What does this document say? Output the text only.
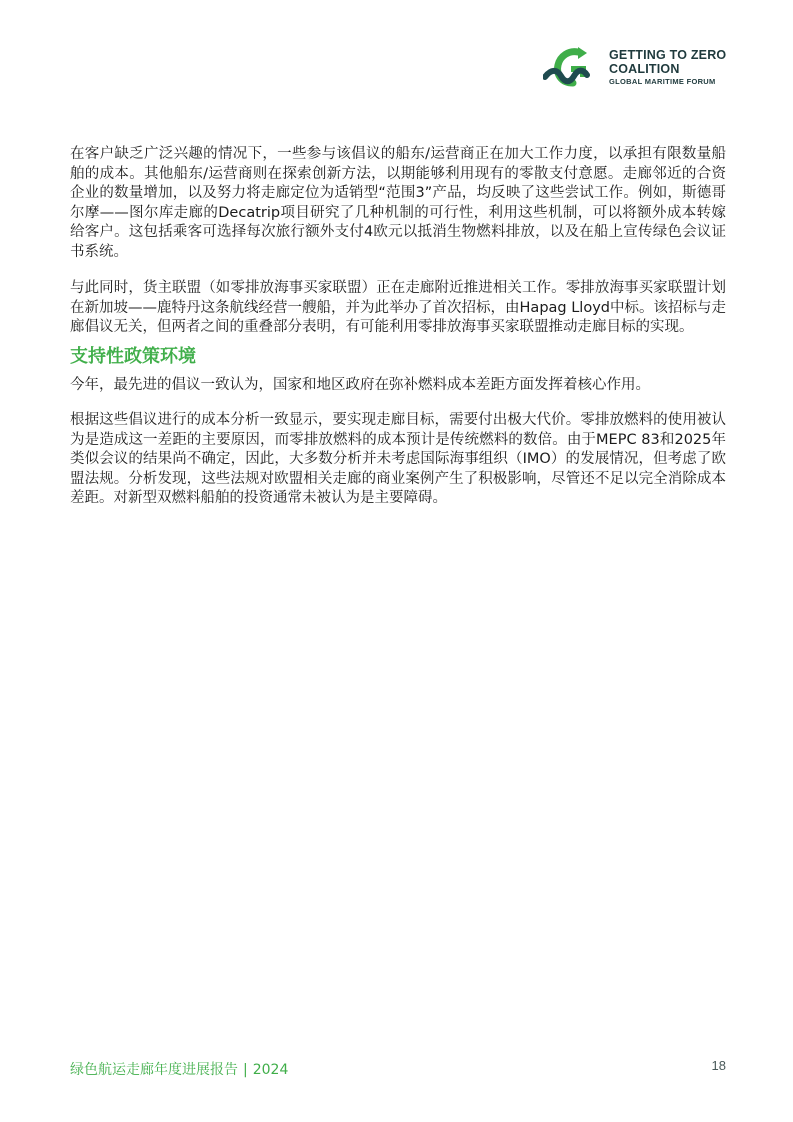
GETTING TO ZERO
COALITION
GLOBAL MARITIME FORUM

在客户缺乏广泛兴趣的情况下，一些参与该倡议的船东/运营商正在加大工作力度，以承担有限数量船舶的成本。其他船东/运营商则在探索创新方法，以期能够利用现有的零散支付意愿。走廊邻近的合资企业的数量增加，以及努力将走廊定位为适销型“范围3”产品，均反映了这些尝试工作。例如，斯德哥尔摩——图尔库走廊的Decatrip项目研究了几种机制的可行性，利用这些机制，可以将额外成本转嫁给客户。这包括乘客可选择每次旅行额外支付4欧元以抵消生物燃料排放，以及在船上宣传绿色会议证书系统。

与此同时，货主联盟（如零排放海事买家联盟）正在走廊附近推进相关工作。零排放海事买家联盟计划在新加坡——鹿特丹这条航线经营一艘船，并为此举办了首次招标，由Hapag Lloyd中标。该招标与走廊倡议无关，但两者之间的重叠部分表明，有可能利用零排放海事买家联盟推动走廊目标的实现。

支持性政策环境

今年，最先进的倡议一致认为，国家和地区政府在弥补燃料成本差距方面发挥着核心作用。

根据这些倡议进行的成本分析一致显示，要实现走廊目标，需要付出极大代价。零排放燃料的使用被认为是造成这一差距的主要原因，而零排放燃料的成本预计是传统燃料的数倍。由于MEPC 83和2025年类似会议的结果尚不确定，因此，大多数分析并未考虑国际海事组织（IMO）的发展情况，但考虑了欧盟法规。分析发现，这些法规对欧盟相关走廊的商业案例产生了积极影响，尽管还不足以完全消除成本差距。对新型双燃料船舶的投资通常未被认为是主要障碍。

绿色航运走廊年度进展报告 | 2024	18
